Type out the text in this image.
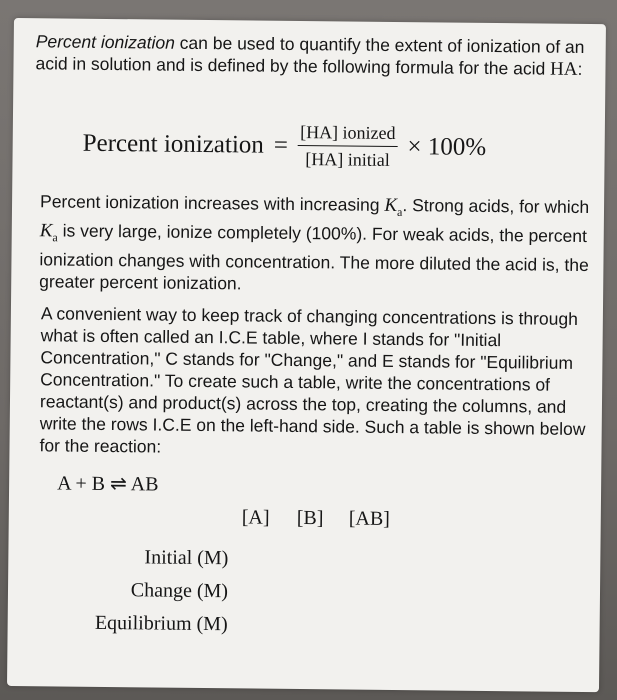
Percent ionization can be used to quantify the extent of ionization of an acid in solution and is defined by the following formula for the acid HA:
Percent ionization = $\frac{\text{[HA] ionized}}{\text{[HA] initial}} \times 100\%$
Percent ionization increases with increasing $K_a$. Strong acids, for which $K_a$ is very large, ionize completely (100%). For weak acids, the percent ionization changes with concentration. The more diluted the acid is, the greater percent ionization.
A convenient way to keep track of changing concentrations is through what is often called an I.C.E table, where I stands for "Initial Concentration," C stands for "Change," and E stands for "Equilibrium Concentration." To create such a table, write the concentrations of reactant(s) and product(s) across the top, creating the columns, and write the rows I.C.E on the left-hand side. Such a table is shown below for the reaction:
A + B ⇌ AB
[A] [B] [AB]
Initial (M)
Change (M)
Equilibrium (M)
